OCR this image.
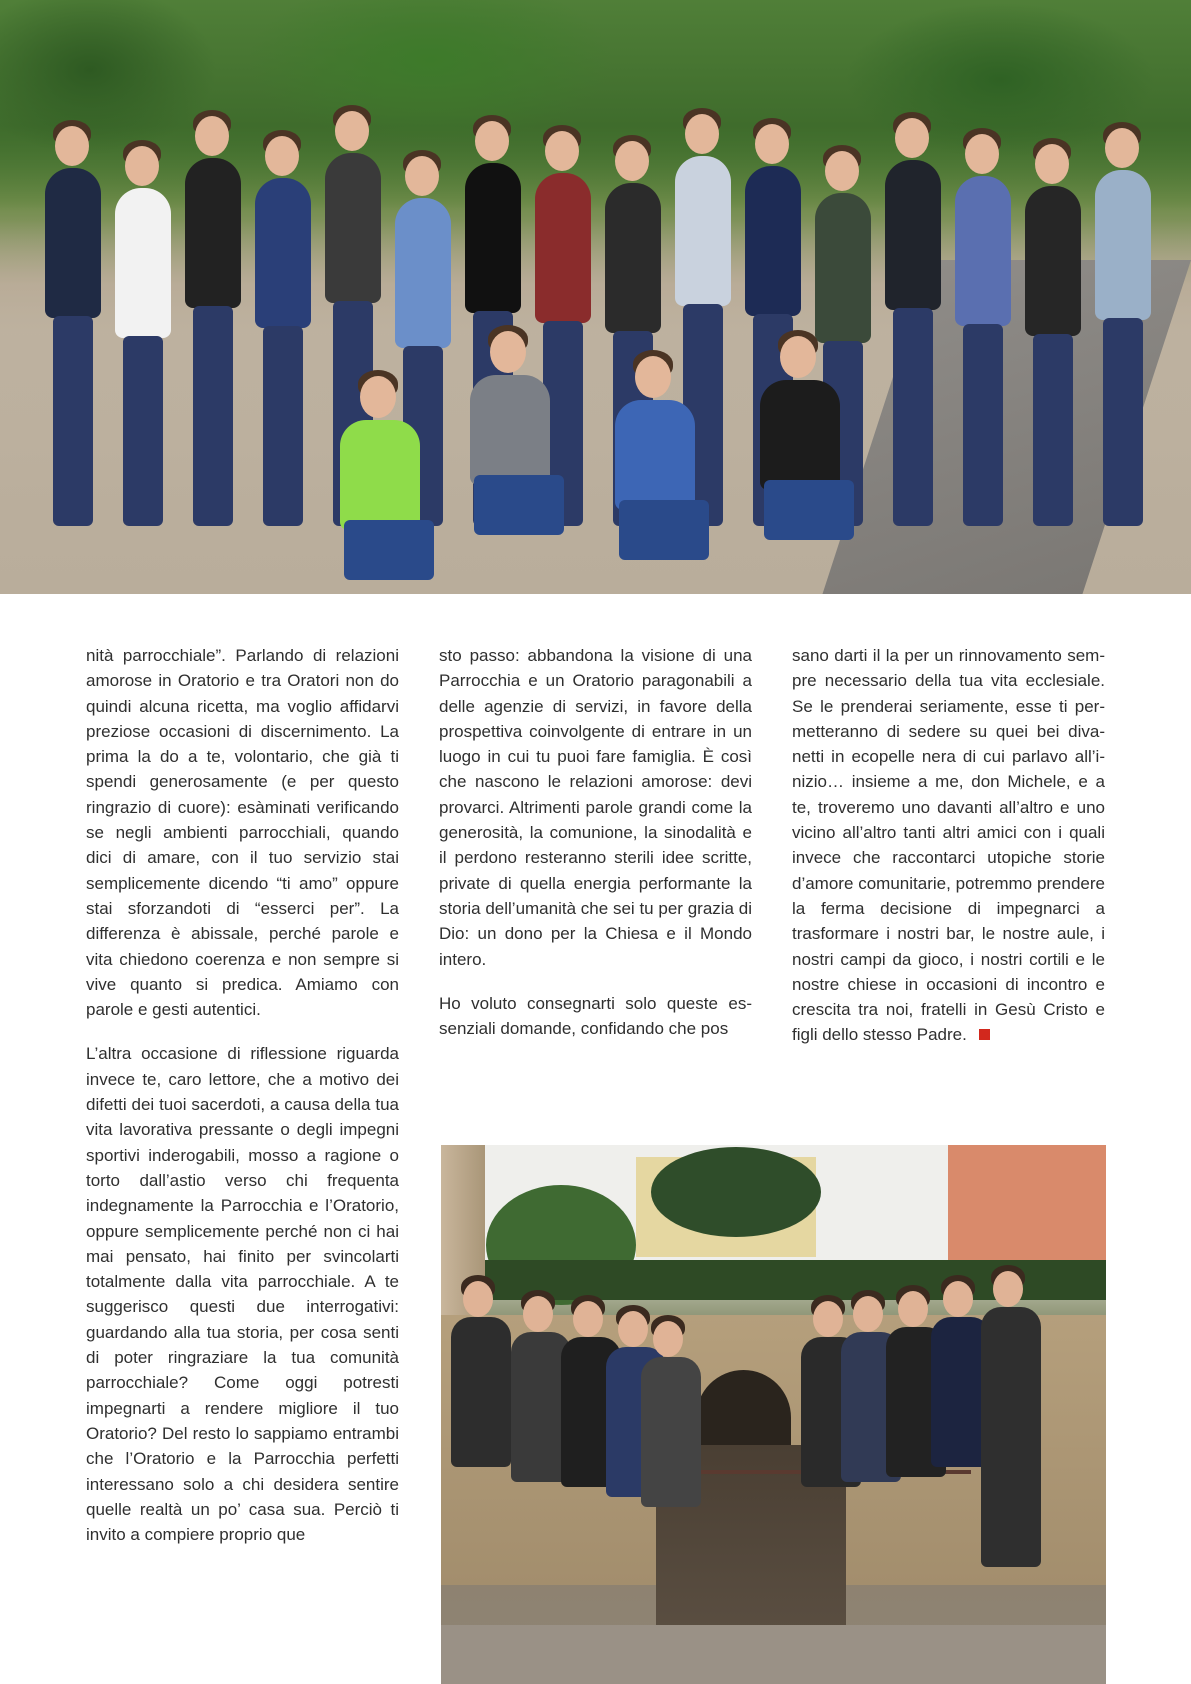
nità parrocchiale”. Parlando di relazioni amorose in Oratorio e tra Oratori non do quindi alcuna ricetta, ma voglio affidarvi preziose occasioni di discernimento. La prima la do a te, volontario, che già ti spendi generosamente (e per questo ringrazio di cuore): esàminati verificando se negli ambienti parrocchiali, quando dici di amare, con il tuo servizio stai semplicemente dicendo “ti amo” oppure stai sforzandoti di “esserci per”. La differenza è abissale, perché parole e vita chiedono coerenza e non sempre si vive quanto si predica. Amiamo con parole e gesti autentici.

L’altra occasione di riflessione riguarda invece te, caro lettore, che a motivo dei difetti dei tuoi sacerdoti, a causa della tua vita lavorativa pressante o degli impegni sportivi inderogabili, mosso a ragione o torto dall’astio verso chi frequenta indegnamente la Parrocchia e l’Oratorio, oppure semplicemente perché non ci hai mai pensato, hai finito per svincolarti totalmente dalla vita parrocchiale. A te suggerisco questi due interrogativi: guardando alla tua storia, per cosa senti di poter ringraziare la tua comunità parrocchiale? Come oggi potresti impegnarti a rendere migliore il tuo Oratorio? Del resto lo sappiamo entrambi che l’Oratorio e la Parrocchia perfetti interessano solo a chi desidera sentire quelle realtà un po’ casa sua. Perciò ti invito a compiere proprio que

sto passo: abbandona la visione di una Parrocchia e un Oratorio paragonabili a delle agenzie di servizi, in favore della prospettiva coinvolgente di entrare in un luogo in cui tu puoi fare famiglia. È così che nascono le relazioni amorose: devi provarci. Altrimenti parole grandi come la generosità, la comunione, la sinodalità e il perdono resteranno sterili idee scritte, private di quella energia performante la storia dell’umanità che sei tu per grazia di Dio: un dono per la Chiesa e il Mondo intero.

Ho voluto consegnarti solo queste essenziali domande, confidando che pos

sano darti il la per un rinnovamento sempre necessario della tua vita ecclesiale. Se le prenderai seriamente, esse ti permetteranno di sedere su quei bei divanetti in ecopelle nera di cui parlavo all’inizio… insieme a me, don Michele, e a te, troveremo uno davanti all’altro e uno vicino all’altro tanti altri amici con i quali invece che raccontarci utopiche storie d’amore comunitarie, potremmo prendere la ferma decisione di impegnarci a trasformare i nostri bar, le nostre aule, i nostri campi da gioco, i nostri cortili e le nostre chiese in occasioni di incontro e crescita tra noi, fratelli in Gesù Cristo e figli dello stesso Padre.
